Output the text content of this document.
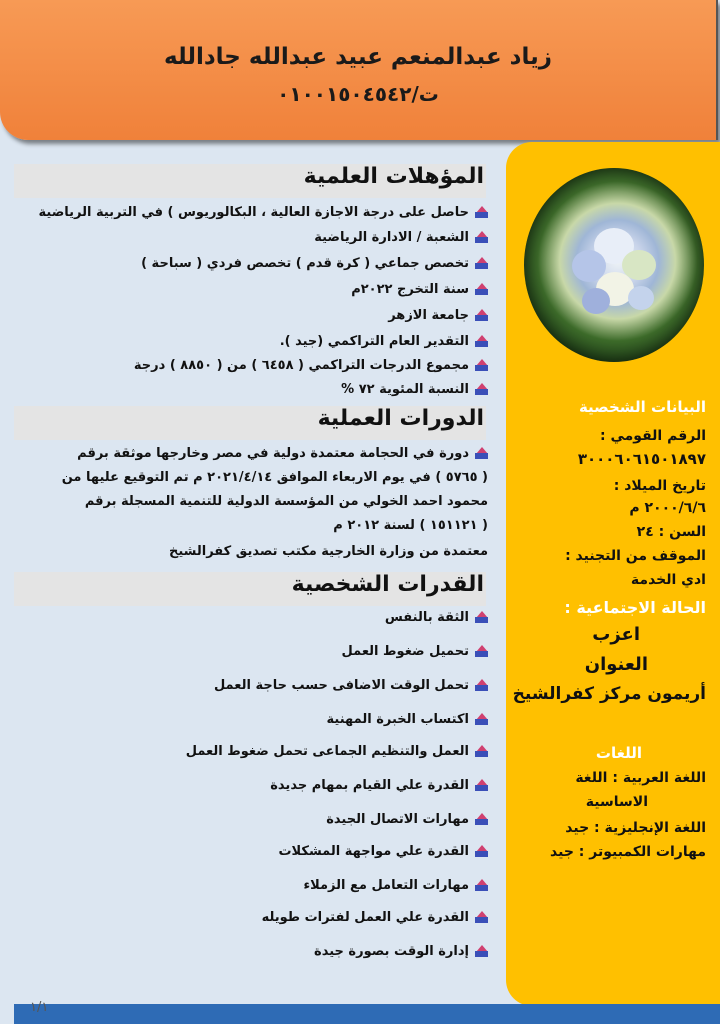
زياد عبدالمنعم عبيد عبدالله جادالله
ت/٠١٠٠١٥٠٤٥٤٢
البيانات الشخصية
الرقم القومي :
٣٠٠٠٦٠٦١٥٠١٨٩٧
تاريخ الميلاد :
٢٠٠٠/٦/٦ م
السن : ٢٤
الموقف من التجنيد :
ادي الخدمة
الحالة الاجتماعية :
اعزب
العنوان
أريمون مركز كفرالشيخ
اللغات
اللغة العربية : اللغة
الاساسية
اللغة الإنجليزية : جيد
مهارات الكمبيوتر : جيد
المؤهلات العلمية
حاصل على درجة الاجازة العالية ، البكالوريوس ) في التربية الرياضية
الشعبة / الادارة الرياضية
تخصص جماعي ( كرة قدم ) تخصص فردي ( سباحة )
سنة التخرج ٢٠٢٢م
جامعة الازهر
التقدير العام التراكمي (جيد ).
مجموع الدرجات التراكمي ( ٦٤٥٨ ) من ( ٨٨٥٠ ) درجة
النسبة المئوية ٧٢ %
الدورات العملية
دورة في الحجامة معتمدة دولية في مصر وخارجها موثقة برقم
( ٥٧٦٥ ) في يوم الاربعاء الموافق ٢٠٢١/٤/١٤ م تم التوقيع عليها من
محمود احمد الخولي من المؤسسة الدولية للتنمية المسجلة برقم
( ١٥١١٢١ ) لسنة ٢٠١٢ م
معتمدة من وزارة الخارجية مكتب تصديق كفرالشيخ
القدرات الشخصية
الثقة بالنفس
تحميل ضغوط العمل
تحمل الوقت الاضافى حسب حاجة العمل
اكتساب الخبرة المهنية
العمل والتنظيم الجماعى تحمل ضغوط العمل
القدرة علي القيام بمهام جديدة
مهارات الاتصال الجيدة
القدرة علي مواجهة المشكلات
مهارات التعامل مع الزملاء
القدرة علي العمل لفترات طويله
إدارة الوقت بصورة جيدة
١/١
